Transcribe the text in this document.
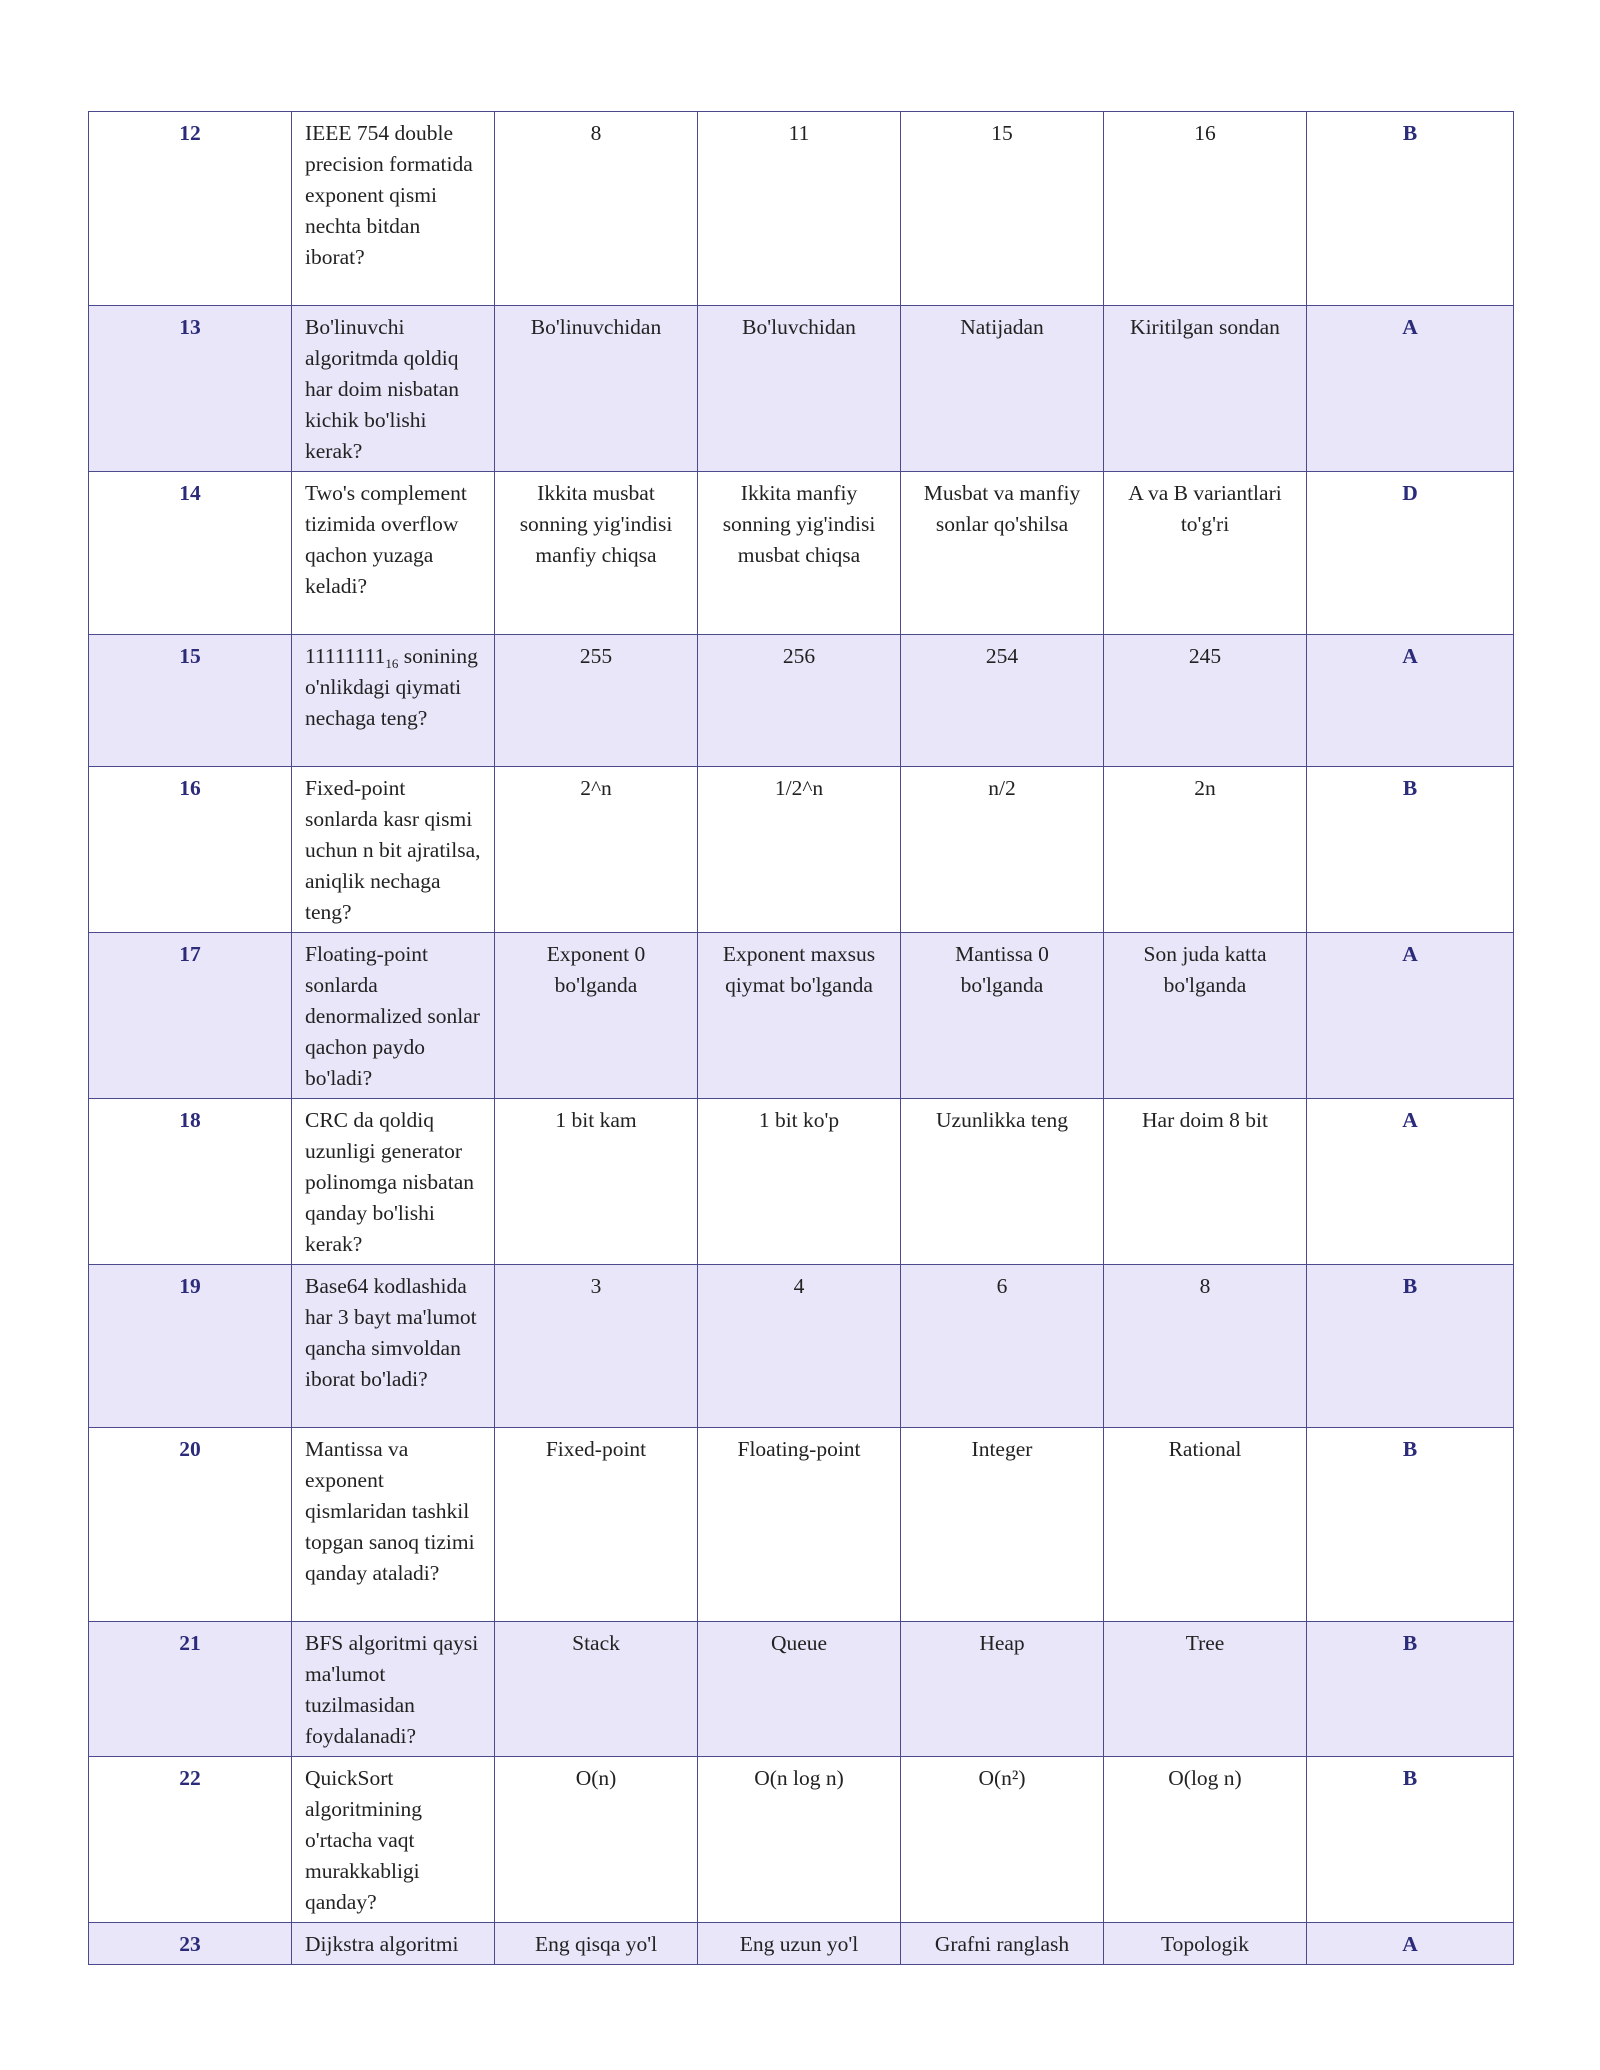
12	IEEE 754 double precision formatida exponent qismi nechta bitdan iborat?	8	11	15	16	B
13	Bo'linuvchi algoritmda qoldiq har doim nisbatan kichik bo'lishi kerak?	Bo'linuvchidan	Bo'luvchidan	Natijadan	Kiritilgan sondan	A
14	Two's complement tizimida overflow qachon yuzaga keladi?	Ikkita musbat sonning yig'indisi manfiy chiqsa	Ikkita manfiy sonning yig'indisi musbat chiqsa	Musbat va manfiy sonlar qo'shilsa	A va B variantlari to'g'ri	D
15	$11111111_{16}$ sonining o'nlikdagi qiymati nechaga teng?	255	256	254	245	A
16	Fixed-point sonlarda kasr qismi uchun n bit ajratilsa, aniqlik nechaga teng?	2^n	1/2^n	n/2	2n	B
17	Floating-point sonlarda denormalized sonlar qachon paydo bo'ladi?	Exponent 0 bo'lganda	Exponent maxsus qiymat bo'lganda	Mantissa 0 bo'lganda	Son juda katta bo'lganda	A
18	CRC da qoldiq uzunligi generator polinomga nisbatan qanday bo'lishi kerak?	1 bit kam	1 bit ko'p	Uzunlikka teng	Har doim 8 bit	A
19	Base64 kodlashida har 3 bayt ma'lumot qancha simvoldan iborat bo'ladi?	3	4	6	8	B
20	Mantissa va exponent qismlaridan tashkil topgan sanoq tizimi qanday ataladi?	Fixed-point	Floating-point	Integer	Rational	B
21	BFS algoritmi qaysi ma'lumot tuzilmasidan foydalanadi?	Stack	Queue	Heap	Tree	B
22	QuickSort algoritmining o'rtacha vaqt murakkabligi qanday?	O(n)	O(n log n)	O(n²)	O(log n)	B
23	Dijkstra algoritmi	Eng qisqa yo'l	Eng uzun yo'l	Grafni ranglash	Topologik	A
